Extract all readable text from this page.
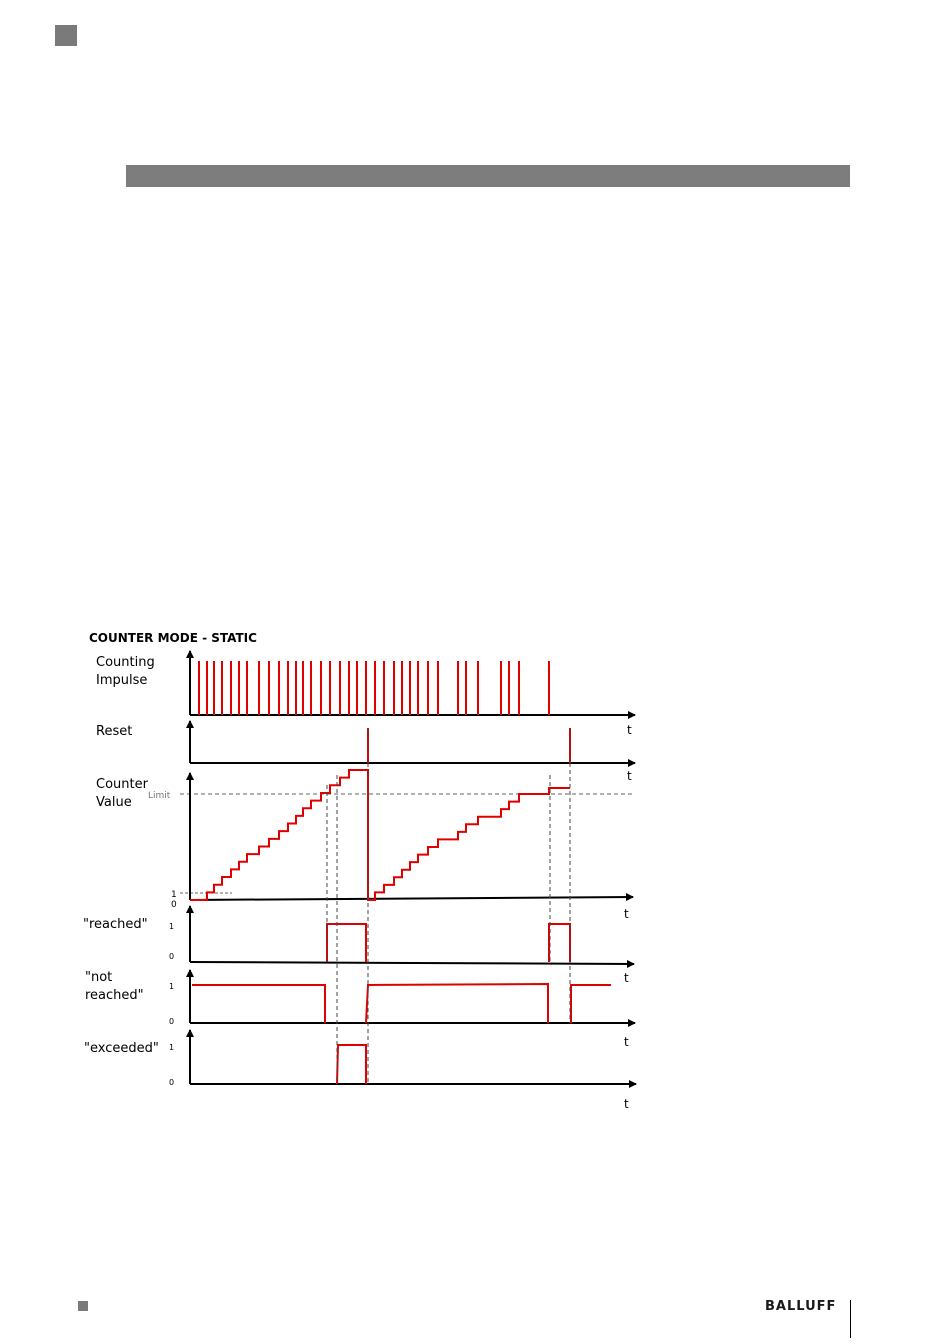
COUNTER MODE - STATIC
Counting
Impulse
t
Reset
t
Counter
Value Limit
1
0
t
"reached"	1
0
t
"not
reached"
1
0
t
"exceeded" 1
0
t
BALLUFF
